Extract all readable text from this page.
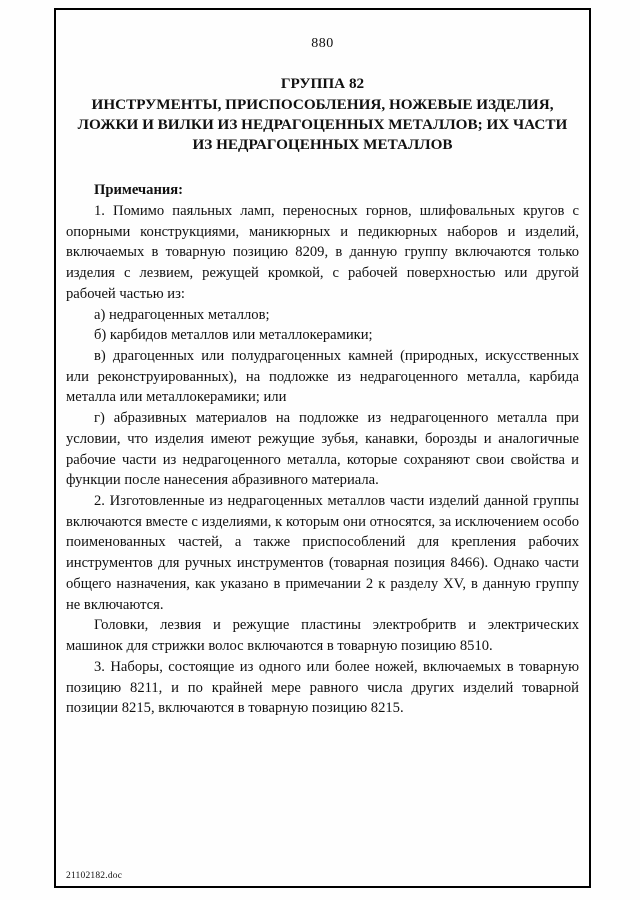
880
ГРУППА 82
ИНСТРУМЕНТЫ, ПРИСПОСОБЛЕНИЯ, НОЖЕВЫЕ ИЗДЕЛИЯ, ЛОЖКИ И ВИЛКИ ИЗ НЕДРАГОЦЕННЫХ МЕТАЛЛОВ; ИХ ЧАСТИ ИЗ НЕДРАГОЦЕННЫХ МЕТАЛЛОВ

Примечания:

1. Помимо паяльных ламп, переносных горнов, шлифовальных кругов с опорными конструкциями, маникюрных и педикюрных наборов и изделий, включаемых в товарную позицию 8209, в данную группу включаются только изделия с лезвием, режущей кромкой, с рабочей поверхностью или другой рабочей частью из:

а) недрагоценных металлов;

б) карбидов металлов или металлокерамики;

в) драгоценных или полудрагоценных камней (природных, искусственных или реконструированных), на подложке из недрагоценного металла, карбида металла или металлокерамики; или

г) абразивных материалов на подложке из недрагоценного металла при условии, что изделия имеют режущие зубья, канавки, борозды и аналогичные рабочие части из недрагоценного металла, которые сохраняют свои свойства и функции после нанесения абразивного материала.

2. Изготовленные из недрагоценных металлов части изделий данной группы включаются вместе с изделиями, к которым они относятся, за исключением особо поименованных частей, а также приспособлений для крепления рабочих инструментов для ручных инструментов (товарная позиция 8466). Однако части общего назначения, как указано в примечании 2 к разделу XV, в данную группу не включаются.

Головки, лезвия и режущие пластины электробритв и электрических машинок для стрижки волос включаются в товарную позицию 8510.

3. Наборы, состоящие из одного или более ножей, включаемых в товарную позицию 8211, и по крайней мере равного числа других изделий товарной позиции 8215, включаются в товарную позицию 8215.

21102182.doc
